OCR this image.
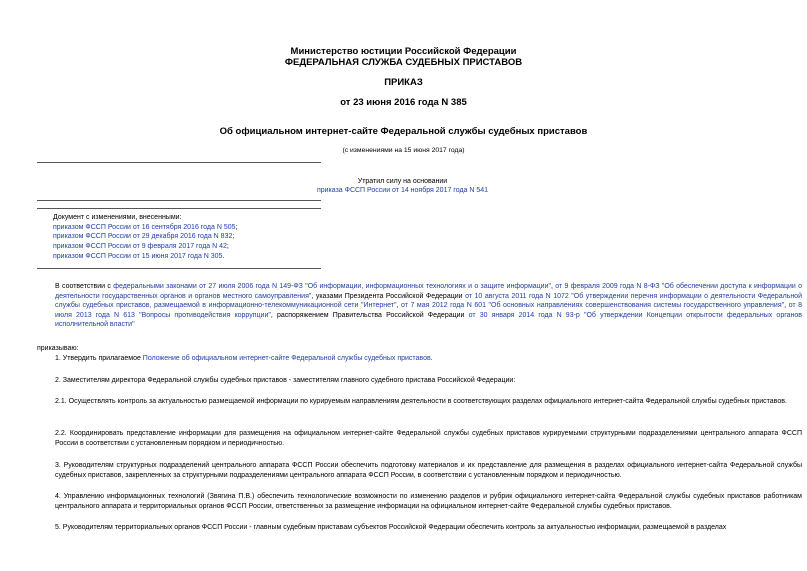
Министерство юстиции Российской Федерации
ФЕДЕРАЛЬНАЯ СЛУЖБА СУДЕБНЫХ ПРИСТАВОВ
ПРИКАЗ
от 23 июня 2016 года N 385
Об официальном интернет-сайте Федеральной службы судебных приставов
(с изменениями на 15 июня 2017 года)
Утратил силу на основании
приказа ФССП России от 14 ноября 2017 года N 541
Документ с изменениями, внесенными:
приказом ФССП России от 16 сентября 2016 года N 505;
приказом ФССП России от 29 декабря 2016 года N 832;
приказом ФССП России от 9 февраля 2017 года N 42;
приказом ФССП России от 15 июня 2017 года N 305.
В соответствии с федеральными законами от 27 июля 2006 года N 149-ФЗ "Об информации, информационных технологиях и о защите информации", от 9 февраля 2009 года N 8-ФЗ "Об обеспечении доступа к информации о деятельности государственных органов и органов местного самоуправления", указами Президента Российской Федерации от 10 августа 2011 года N 1072 "Об утверждении перечня информации о деятельности Федеральной службы судебных приставов, размещаемой в информационно-телекоммуникационной сети "Интернет", от 7 мая 2012 года N 601 "Об основных направлениях совершенствования системы государственного управления", от 8 июля 2013 года N 613 "Вопросы противодействия коррупции", распоряжением Правительства Российской Федерации от 30 января 2014 года N 93-р "Об утверждении Концепции открытости федеральных органов исполнительной власти"
приказываю:
1. Утвердить прилагаемое Положение об официальном интернет-сайте Федеральной службы судебных приставов.
2. Заместителям директора Федеральной службы судебных приставов - заместителям главного судебного пристава Российской Федерации:
2.1. Осуществлять контроль за актуальностью размещаемой информации по курируемым направлениям деятельности в соответствующих разделах официального интернет-сайта Федеральной службы судебных приставов.
2.2. Координировать представление информации для размещения на официальном интернет-сайте Федеральной службы судебных приставов курируемыми структурными подразделениями центрального аппарата ФССП России в соответствии с установленным порядком и периодичностью.
3. Руководителям структурных подразделений центрального аппарата ФССП России обеспечить подготовку материалов и их представление для размещения в разделах официального интернет-сайта Федеральной службы судебных приставов, закрепленных за структурными подразделениями центрального аппарата ФССП России, в соответствии с установленным порядком и периодичностью.
4. Управлению информационных технологий (Звягина П.В.) обеспечить технологические возможности по изменению разделов и рубрик официального интернет-сайта Федеральной службы судебных приставов работникам центрального аппарата и территориальных органов ФССП России, ответственных за размещение информации на официальном интернет-сайте Федеральной службы судебных приставов.
5. Руководителям территориальных органов ФССП России - главным судебным приставам субъектов Российской Федерации обеспечить контроль за актуальностью информации, размещаемой в разделах
